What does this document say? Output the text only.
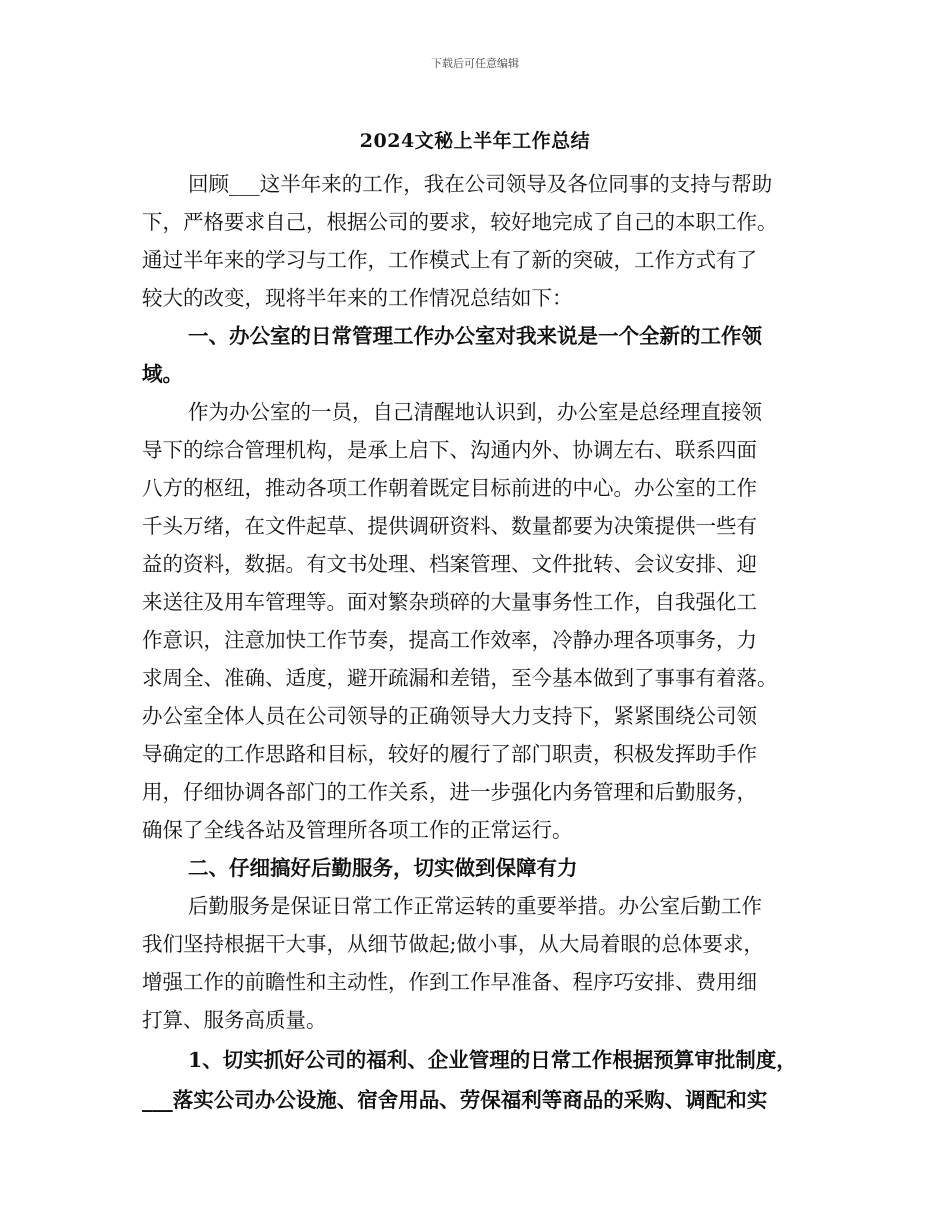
下载后可任意编辑
2024文秘上半年工作总结
回顾___这半年来的工作，我在公司领导及各位同事的支持与帮助
下，严格要求自己，根据公司的要求，较好地完成了自己的本职工作。
通过半年来的学习与工作，工作模式上有了新的突破，工作方式有了
较大的改变，现将半年来的工作情况总结如下：
一、办公室的日常管理工作办公室对我来说是一个全新的工作领
域。
作为办公室的一员，自己清醒地认识到，办公室是总经理直接领
导下的综合管理机构，是承上启下、沟通内外、协调左右、联系四面
八方的枢纽，推动各项工作朝着既定目标前进的中心。办公室的工作
千头万绪，在文件起草、提供调研资料、数量都要为决策提供一些有
益的资料，数据。有文书处理、档案管理、文件批转、会议安排、迎
来送往及用车管理等。面对繁杂琐碎的大量事务性工作，自我强化工
作意识，注意加快工作节奏，提高工作效率，冷静办理各项事务，力
求周全、准确、适度，避开疏漏和差错，至今基本做到了事事有着落。
办公室全体人员在公司领导的正确领导大力支持下，紧紧围绕公司领
导确定的工作思路和目标，较好的履行了部门职责，积极发挥助手作
用，仔细协调各部门的工作关系，进一步强化内务管理和后勤服务，
确保了全线各站及管理所各项工作的正常运行。
二、仔细搞好后勤服务，切实做到保障有力
后勤服务是保证日常工作正常运转的重要举措。办公室后勤工作
我们坚持根据干大事，从细节做起;做小事，从大局着眼的总体要求，
增强工作的前瞻性和主动性，作到工作早准备、程序巧安排、费用细
打算、服务高质量。
1、切实抓好公司的福利、企业管理的日常工作根据预算审批制度，
___落实公司办公设施、宿舍用品、劳保福利等商品的采购、调配和实
